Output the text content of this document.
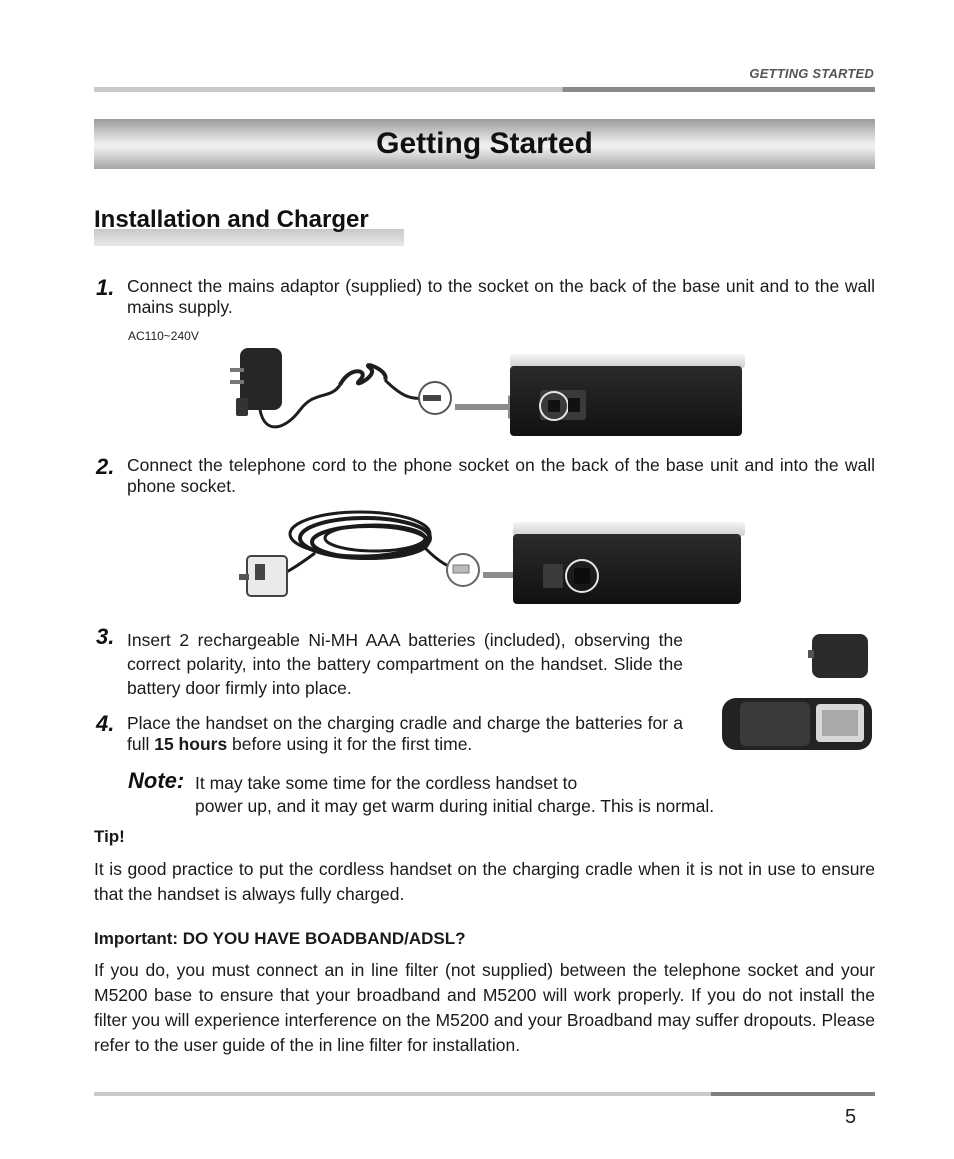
GETTING STARTED
Getting Started
Installation and Charger
1. Connect the mains adaptor (supplied) to the socket on the back of the base unit and to the wall mains supply.
AC110~240V
2. Connect the telephone cord to the phone socket on the back of the base unit and into the wall phone socket.
3. Insert 2 rechargeable Ni-MH AAA batteries (included), observing the correct polarity, into the battery compartment on the handset. Slide the battery door firmly into place.
4. Place the handset on the charging cradle and charge the batteries for a full 15 hours before using it for the first time.
Note: It may take some time for the cordless handset to
power up, and it may get warm during initial charge. This is normal.
Tip!
It is good practice to put the cordless handset on the charging cradle when it is not in use to ensure that the handset is always fully charged.
Important: DO YOU HAVE BOADBAND/ADSL?
If you do, you must connect an in line filter (not supplied) between the telephone socket and your M5200 base to ensure that your broadband and M5200 will work properly. If you do not install the filter you will experience interference on the M5200 and your Broadband may suffer dropouts. Please refer to the user guide of the in line filter for installation.
5
